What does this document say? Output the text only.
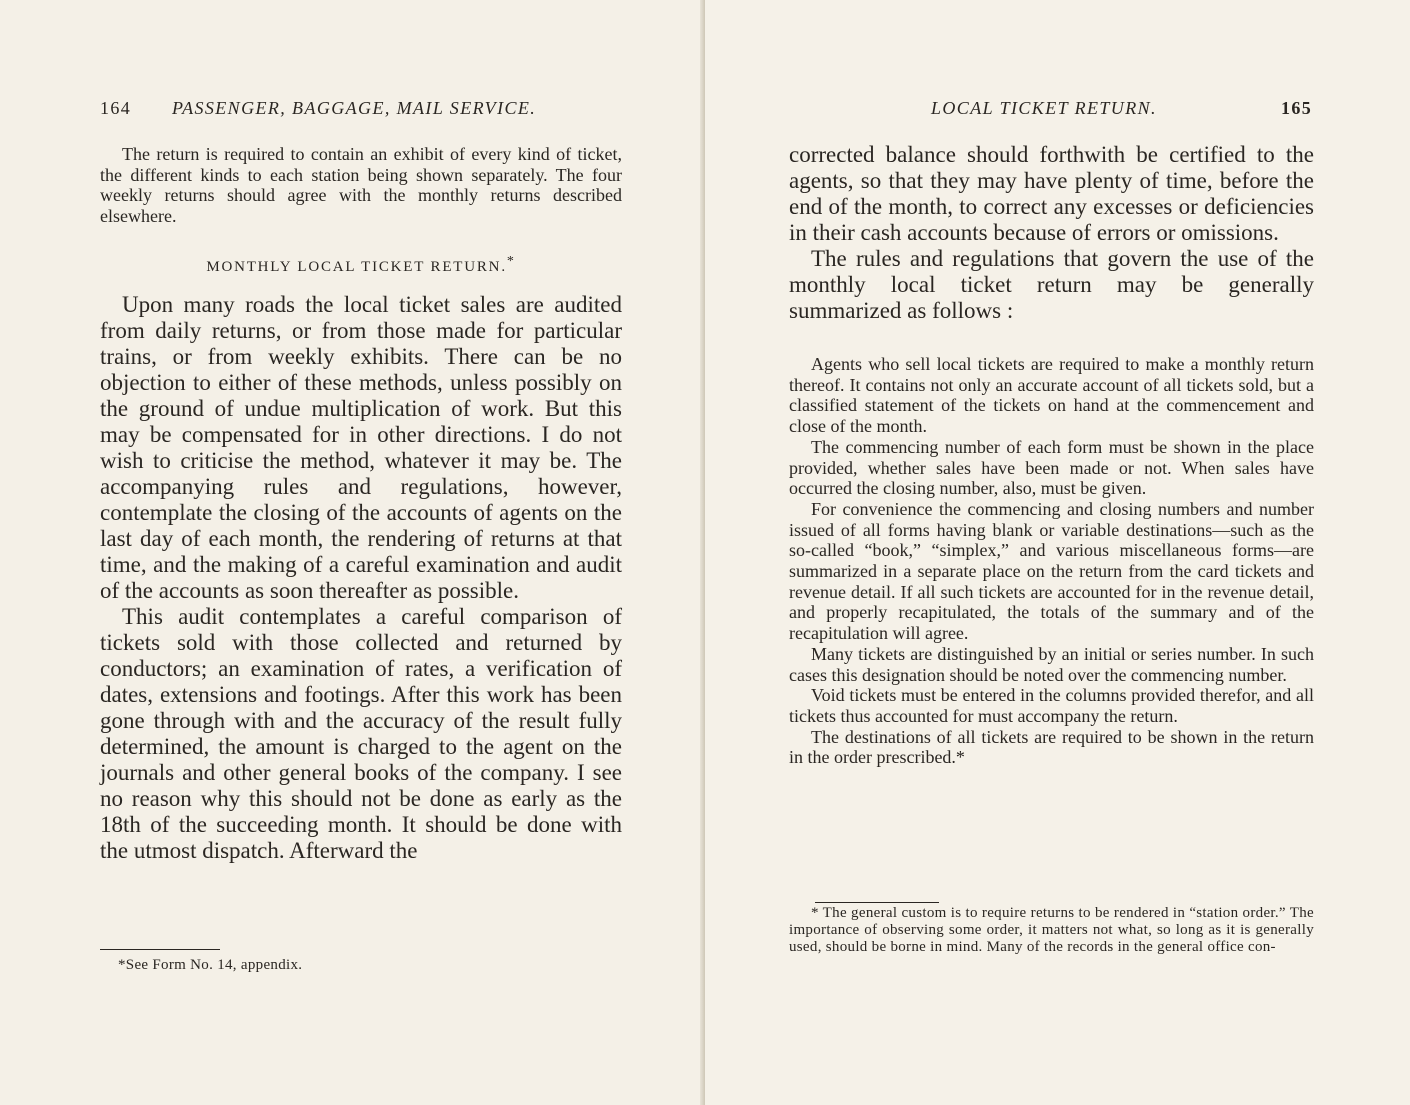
164 PASSENGER, BAGGAGE, MAIL SERVICE.

The return is required to contain an exhibit of every kind of ticket, the different kinds to each station being shown separately. The four weekly returns should agree with the monthly returns described elsewhere.

MONTHLY LOCAL TICKET RETURN.*

Upon many roads the local ticket sales are audited from daily returns, or from those made for particular trains, or from weekly exhibits. There can be no objection to either of these methods, unless possibly on the ground of undue multiplication of work. But this may be compensated for in other directions. I do not wish to criticise the method, whatever it may be. The accompanying rules and regulations, however, contemplate the closing of the accounts of agents on the last day of each month, the rendering of returns at that time, and the making of a careful examination and audit of the accounts as soon thereafter as possible.

This audit contemplates a careful comparison of tickets sold with those collected and returned by conductors; an examination of rates, a verification of dates, extensions and footings. After this work has been gone through with and the accuracy of the result fully determined, the amount is charged to the agent on the journals and other general books of the company. I see no reason why this should not be done as early as the 18th of the succeeding month. It should be done with the utmost dispatch. Afterward the

*See Form No. 14, appendix.

LOCAL TICKET RETURN.	165

corrected balance should forthwith be certified to the agents, so that they may have plenty of time, before the end of the month, to correct any excesses or deficiencies in their cash accounts because of errors or omissions.

The rules and regulations that govern the use of the monthly local ticket return may be generally summarized as follows :

Agents who sell local tickets are required to make a monthly return thereof. It contains not only an accurate account of all tickets sold, but a classified statement of the tickets on hand at the commencement and close of the month.

The commencing number of each form must be shown in the place provided, whether sales have been made or not. When sales have occurred the closing number, also, must be given.

For convenience the commencing and closing numbers and number issued of all forms having blank or variable destinations—such as the so-called “book,” “simplex,” and various miscellaneous forms—are summarized in a separate place on the return from the card tickets and revenue detail. If all such tickets are accounted for in the revenue detail, and properly recapitulated, the totals of the summary and of the recapitulation will agree.

Many tickets are distinguished by an initial or series number. In such cases this designation should be noted over the commencing number.

Void tickets must be entered in the columns provided therefor, and all tickets thus accounted for must accompany the return.

The destinations of all tickets are required to be shown in the return in the order prescribed.*

* The general custom is to require returns to be rendered in “station order.” The importance of observing some order, it matters not what, so long as it is generally used, should be borne in mind. Many of the records in the general office con-
